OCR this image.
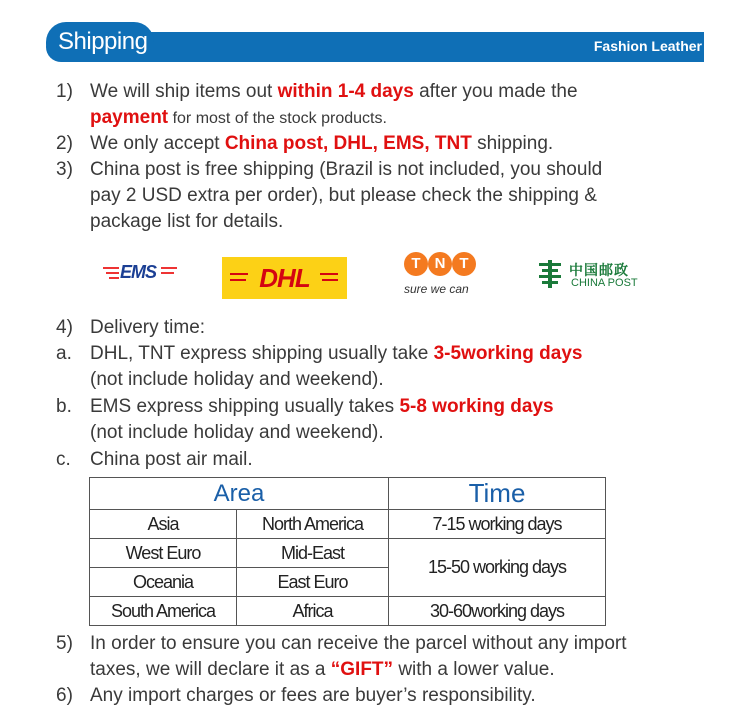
Shipping	Fashion Leather
1) We will ship items out within 1-4 days after you made the
payment for most of the stock products.
2) We only accept China post, DHL, EMS, TNT shipping.
3) China post is free shipping (Brazil is not included, you should
pay 2 USD extra per order), but please check the shipping &
package list for details.
EMS	DHL	T N T
sure we can
中国邮政
CHINA POST
4) Delivery time:
a. DHL, TNT express shipping usually take 3-5working days
(not include holiday and weekend).
b. EMS express shipping usually takes 5-8 working days
(not include holiday and weekend).
c. China post air mail.
Area		Time
Asia	North America	7-15 working days
West Euro	Mid-East	15-50 working days
Oceania	East Euro	
South America	Africa	30-60working days
5) In order to ensure you can receive the parcel without any import
taxes, we will declare it as a “GIFT” with a lower value.
6) Any import charges or fees are buyer’s responsibility.
